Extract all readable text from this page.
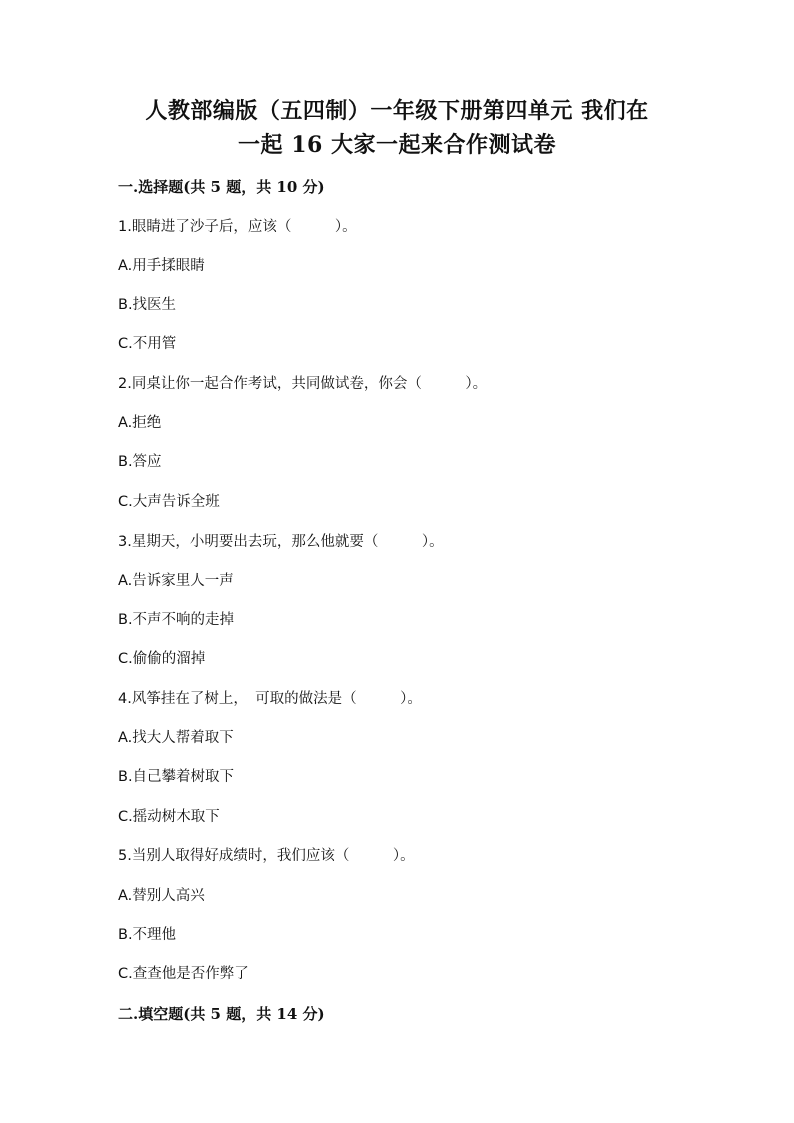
人教部编版（五四制）一年级下册第四单元 我们在
一起 16 大家一起来合作测试卷
一.选择题(共 5 题，共 10 分)
1.眼睛进了沙子后，应该（　　　）。
A.用手揉眼睛
B.找医生
C.不用管
2.同桌让你一起合作考试，共同做试卷，你会（　　　）。
A.拒绝
B.答应
C.大声告诉全班
3.星期天，小明要出去玩，那么他就要（　　　）。
A.告诉家里人一声
B.不声不响的走掉
C.偷偷的溜掉
4.风筝挂在了树上，　可取的做法是（　　　）。
A.找大人帮着取下
B.自己攀着树取下
C.摇动树木取下
5.当别人取得好成绩时，我们应该（　　　）。
A.替别人高兴
B.不理他
C.查查他是否作弊了
二.填空题(共 5 题，共 14 分)
